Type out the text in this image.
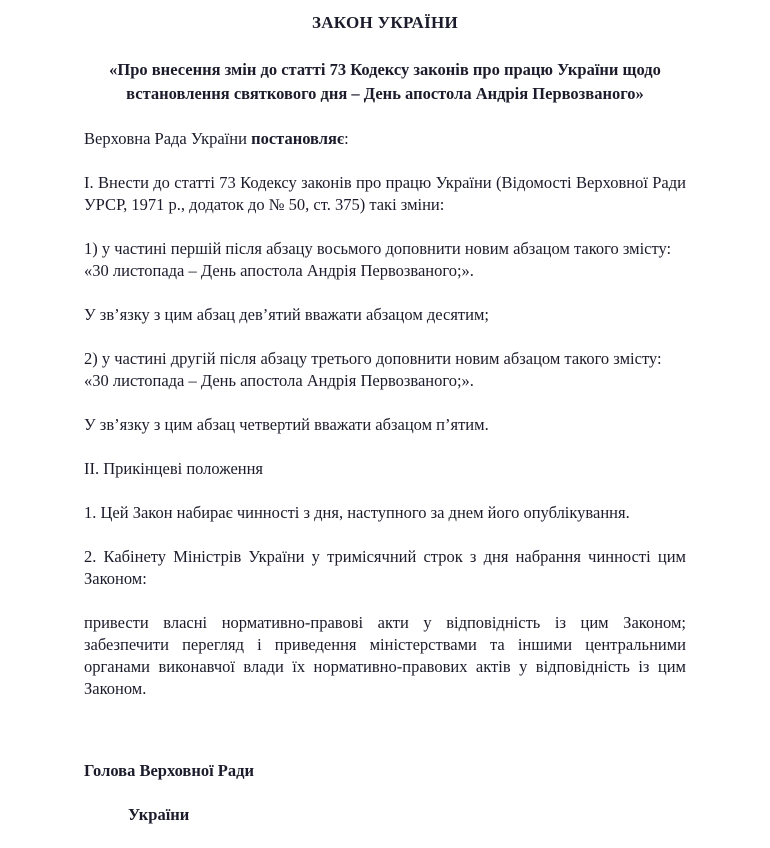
ЗАКОН УКРАЇНИ
«Про внесення змін до статті 73 Кодексу законів про працю України щодо встановлення святкового дня – День апостола Андрія Первозваного»

Верховна Рада України постановляє:

I. Внести до статті 73 Кодексу законів про працю України (Відомості Верховної Ради УРСР, 1971 р., додаток до № 50, ст. 375) такі зміни:

1) у частині першій після абзацу восьмого доповнити новим абзацом такого змісту:

«30 листопада – День апостола Андрія Первозваного;».

У зв’язку з цим абзац дев’ятий вважати абзацом десятим;

2) у частині другій після абзацу третього доповнити новим абзацом такого змісту:

«30 листопада – День апостола Андрія Первозваного;».

У зв’язку з цим абзац четвертий вважати абзацом п’ятим.

II. Прикінцеві положення

1. Цей Закон набирає чинності з дня, наступного за днем його опублікування.

2. Кабінету Міністрів України у тримісячний строк з дня набрання чинності цим Законом:

привести власні нормативно-правові акти у відповідність із цим Законом; забезпечити перегляд і приведення міністерствами та іншими центральними органами виконавчої влади їх нормативно-правових актів у відповідність із цим Законом.

Голова Верховної Ради

України
